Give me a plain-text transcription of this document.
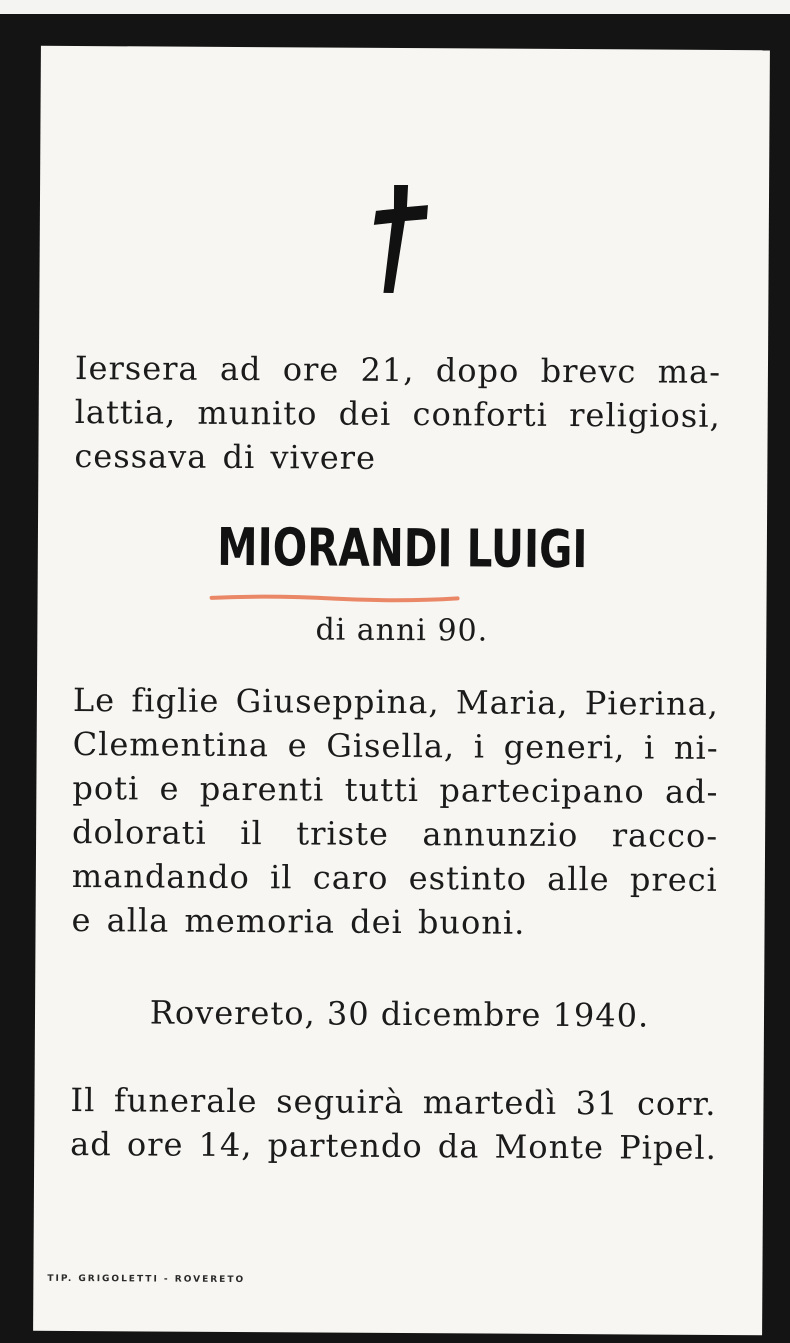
Iersera ad ore 21, dopo brevc ma-
lattia, munito dei conforti religiosi,
cessava di vivere
MIORANDI LUIGI
di anni 90.
Le figlie Giuseppina, Maria, Pierina,
Clementina e Gisella, i generi, i ni-
poti e parenti tutti partecipano ad-
dolorati il triste annunzio racco-
mandando il caro estinto alle preci
e alla memoria dei buoni.
Rovereto, 30 dicembre 1940.
Il funerale seguirà martedì 31 corr.
ad ore 14, partendo da Monte Pipel.
TIP. GRIGOLETTI - ROVERETO
